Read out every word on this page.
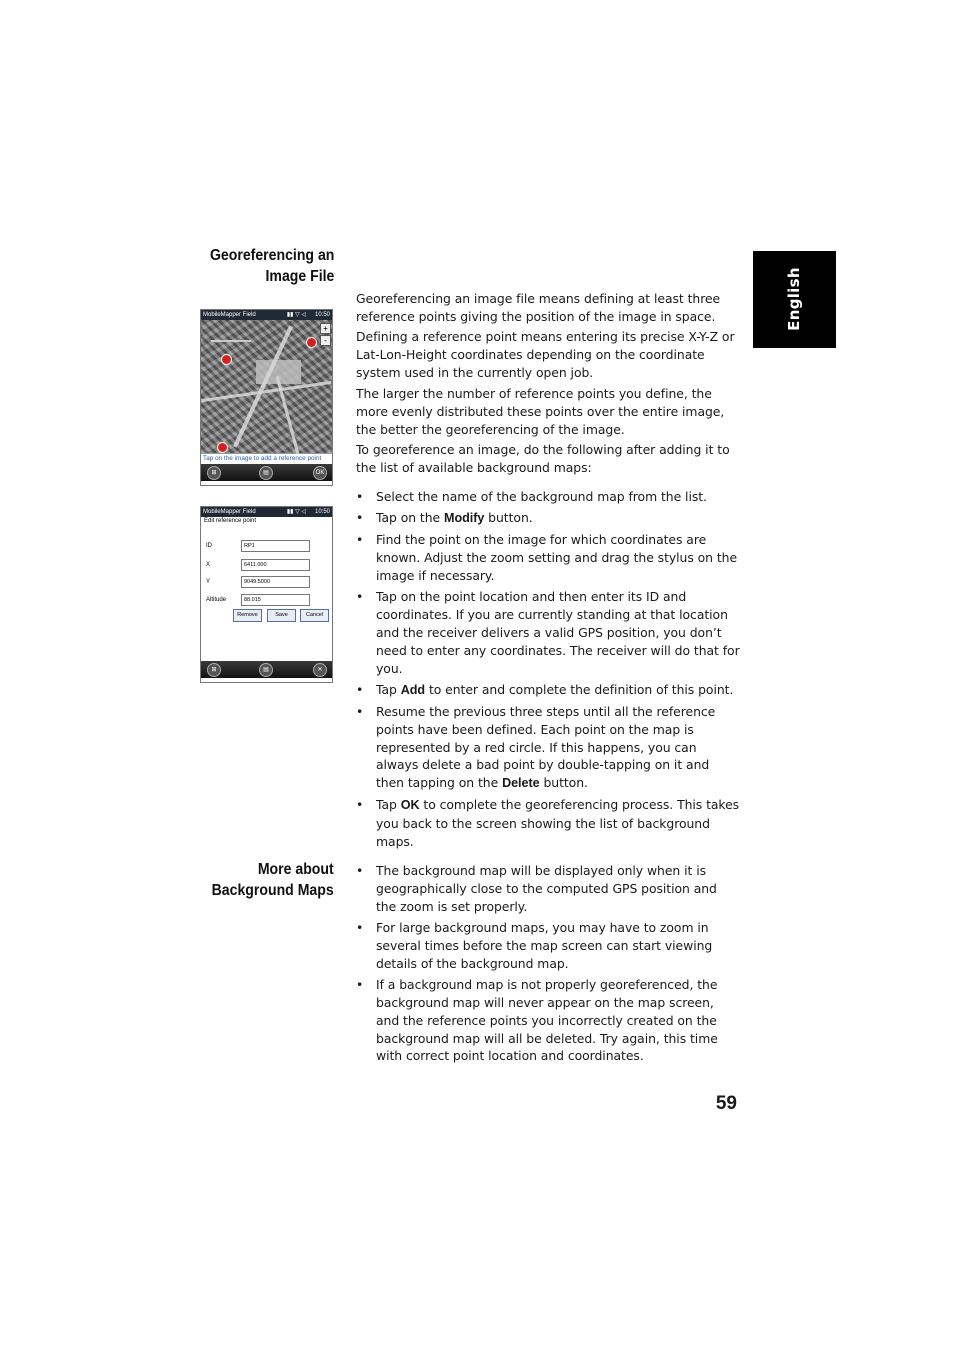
English
Georeferencing an
Image File

Georeferencing an image file means defining at least three reference points giving the position of the image in space.

Defining a reference point means entering its precise X-Y-Z or Lat-Lon-Height coordinates depending on the coordinate system used in the currently open job.

The larger the number of reference points you define, the more evenly distributed these points over the entire image, the better the georeferencing of the image.

To georeference an image, do the following after adding it to the list of available background maps:

• Select the name of the background map from the list.
• Tap on the Modify button.
• Find the point on the image for which coordinates are known. Adjust the zoom setting and drag the stylus on the image if necessary.
• Tap on the point location and then enter its ID and coordinates. If you are currently standing at that location and the receiver delivers a valid GPS position, you don’t need to enter any coordinates. The receiver will do that for you.
• Tap Add to enter and complete the definition of this point.
• Resume the previous three steps until all the reference points have been defined. Each point on the map is represented by a red circle. If this happens, you can always delete a bad point by double-tapping on it and then tapping on the Delete button.
• Tap OK to complete the georeferencing process. This takes you back to the screen showing the list of background maps.
MobileMapper Field	▮▮ ▽ ◁ 10:50
+
-
Tap on the image to add a reference point
⊞	▤	OK
MobileMapper Field	▮▮ ▽ ◁ 10:50
Edit reference point
ID	RP1
X	6411.000
Y	9049.5000
Altitude	88.015
Remove	Save	Cancel
⊞	▤	✕
More about
Background Maps
• The background map will be displayed only when it is geographically close to the computed GPS position and the zoom is set properly.
• For large background maps, you may have to zoom in several times before the map screen can start viewing details of the background map.
• If a background map is not properly georeferenced, the background map will never appear on the map screen, and the reference points you incorrectly created on the background map will all be deleted. Try again, this time with correct point location and coordinates.
59
